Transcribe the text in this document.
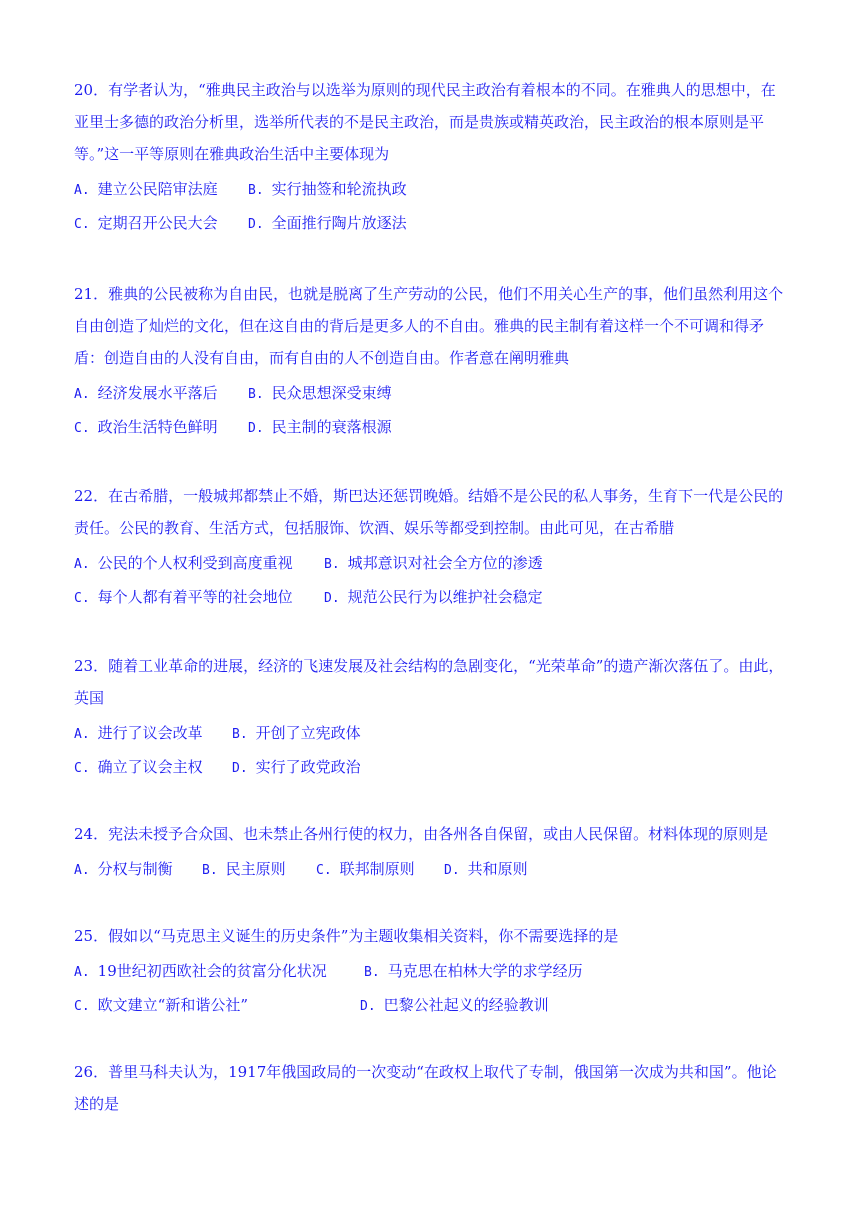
20．有学者认为，“雅典民主政治与以选举为原则的现代民主政治有着根本的不同。在雅典人的思想中，在亚里士多德的政治分析里，选举所代表的不是民主政治，而是贵族或精英政治，民主政治的根本原则是平等。”这一平等原则在雅典政治生活中主要体现为
A. 建立公民陪审法庭 B. 实行抽签和轮流执政
C. 定期召开公民大会 D. 全面推行陶片放逐法
21．雅典的公民被称为自由民，也就是脱离了生产劳动的公民，他们不用关心生产的事，他们虽然利用这个自由创造了灿烂的文化，但在这自由的背后是更多人的不自由。雅典的民主制有着这样一个不可调和得矛盾：创造自由的人没有自由，而有自由的人不创造自由。作者意在阐明雅典
A. 经济发展水平落后 B. 民众思想深受束缚
C. 政治生活特色鲜明 D. 民主制的衰落根源
22．在古希腊，一般城邦都禁止不婚，斯巴达还惩罚晚婚。结婚不是公民的私人事务，生育下一代是公民的责任。公民的教育、生活方式，包括服饰、饮酒、娱乐等都受到控制。由此可见，在古希腊
A. 公民的个人权利受到高度重视 B. 城邦意识对社会全方位的渗透
C. 每个人都有着平等的社会地位 D. 规范公民行为以维护社会稳定
23．随着工业革命的进展，经济的飞速发展及社会结构的急剧变化，“光荣革命”的遗产渐次落伍了。由此，英国
A. 进行了议会改革 B. 开创了立宪政体
C. 确立了议会主权 D. 实行了政党政治
24．宪法未授予合众国、也未禁止各州行使的权力，由各州各自保留，或由人民保留。材料体现的原则是
A. 分权与制衡 B. 民主原则 C. 联邦制原则 D. 共和原则
25．假如以“马克思主义诞生的历史条件”为主题收集相关资料，你不需要选择的是
A. 19世纪初西欧社会的贫富分化状况	B. 马克思在柏林大学的求学经历
C. 欧文建立“新和谐公社”	D. 巴黎公社起义的经验教训
26．普里马科夫认为，1917年俄国政局的一次变动“在政权上取代了专制，俄国第一次成为共和国”。他论述的是
